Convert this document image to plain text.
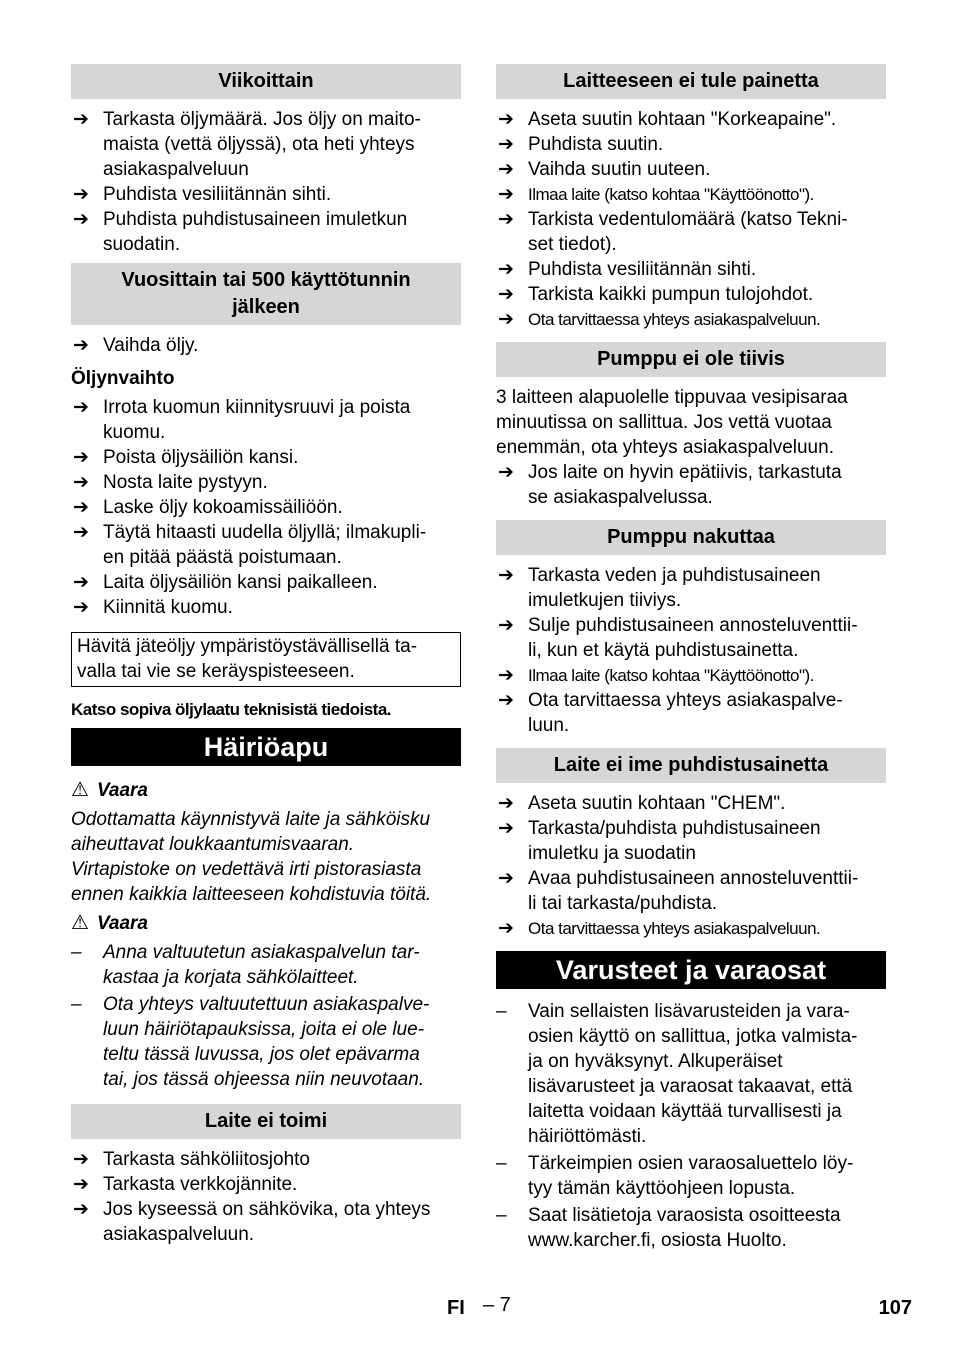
Viikoittain
➔ Tarkasta öljymäärä. Jos öljy on maito-
maista (vettä öljyssä), ota heti yhteys
asiakaspalveluun
➔ Puhdista vesiliitännän sihti.
➔ Puhdista puhdistusaineen imuletkun
suodatin.
Vuosittain tai 500 käyttötunnin
jälkeen
➔ Vaihda öljy.
Öljynvaihto
➔ Irrota kuomun kiinnitysruuvi ja poista
kuomu.
➔ Poista öljysäiliön kansi.
➔ Nosta laite pystyyn.
➔ Laske öljy kokoamissäiliöön.
➔ Täytä hitaasti uudella öljyllä; ilmakupli-
en pitää päästä poistumaan.
➔ Laita öljysäiliön kansi paikalleen.
➔ Kiinnitä kuomu.
Hävitä jäteöljy ympäristöystävällisellä ta-
valla tai vie se keräyspisteeseen.
Katso sopiva öljylaatu teknisistä tiedoista.
Häiriöapu
⚠ Vaara
Odottamatta käynnistyvä laite ja sähköisku
aiheuttavat loukkaantumisvaaran.
Virtapistoke on vedettävä irti pistorasiasta
ennen kaikkia laitteeseen kohdistuvia töitä.
⚠ Vaara
– Anna valtuutetun asiakaspalvelun tar-
kastaa ja korjata sähkölaitteet.
– Ota yhteys valtuutettuun asiakaspalve-
luun häiriötapauksissa, joita ei ole lue-
teltu tässä luvussa, jos olet epävarma
tai, jos tässä ohjeessa niin neuvotaan.
Laite ei toimi
➔ Tarkasta sähköliitosjohto
➔ Tarkasta verkkojännite.
➔ Jos kyseessä on sähkövika, ota yhteys
asiakaspalveluun.
Laitteeseen ei tule painetta
➔ Aseta suutin kohtaan "Korkeapaine".
➔ Puhdista suutin.
➔ Vaihda suutin uuteen.
➔ Ilmaa laite (katso kohtaa "Käyttöönotto").
➔ Tarkista vedentulomäärä (katso Tekni-
set tiedot).
➔ Puhdista vesiliitännän sihti.
➔ Tarkista kaikki pumpun tulojohdot.
➔ Ota tarvittaessa yhteys asiakaspalveluun.
Pumppu ei ole tiivis
3 laitteen alapuolelle tippuvaa vesipisaraa
minuutissa on sallittua. Jos vettä vuotaa
enemmän, ota yhteys asiakaspalveluun.
➔ Jos laite on hyvin epätiivis, tarkastuta
se asiakaspalvelussa.
Pumppu nakuttaa
➔ Tarkasta veden ja puhdistusaineen
imuletkujen tiiviys.
➔ Sulje puhdistusaineen annosteluventtii-
li, kun et käytä puhdistusainetta.
➔ Ilmaa laite (katso kohtaa "Käyttöönotto").
➔ Ota tarvittaessa yhteys asiakaspalve-
luun.
Laite ei ime puhdistusainetta
➔ Aseta suutin kohtaan "CHEM".
➔ Tarkasta/puhdista puhdistusaineen
imuletku ja suodatin
➔ Avaa puhdistusaineen annosteluventtii-
li tai tarkasta/puhdista.
➔ Ota tarvittaessa yhteys asiakaspalveluun.
Varusteet ja varaosat
– Vain sellaisten lisävarusteiden ja vara-
osien käyttö on sallittua, jotka valmista-
ja on hyväksynyt. Alkuperäiset
lisävarusteet ja varaosat takaavat, että
laitetta voidaan käyttää turvallisesti ja
häiriöttömästi.
– Tärkeimpien osien varaosaluettelo löy-
tyy tämän käyttöohjeen lopusta.
– Saat lisätietoja varaosista osoitteesta
www.karcher.fi, osiosta Huolto.
FI – 7	107
